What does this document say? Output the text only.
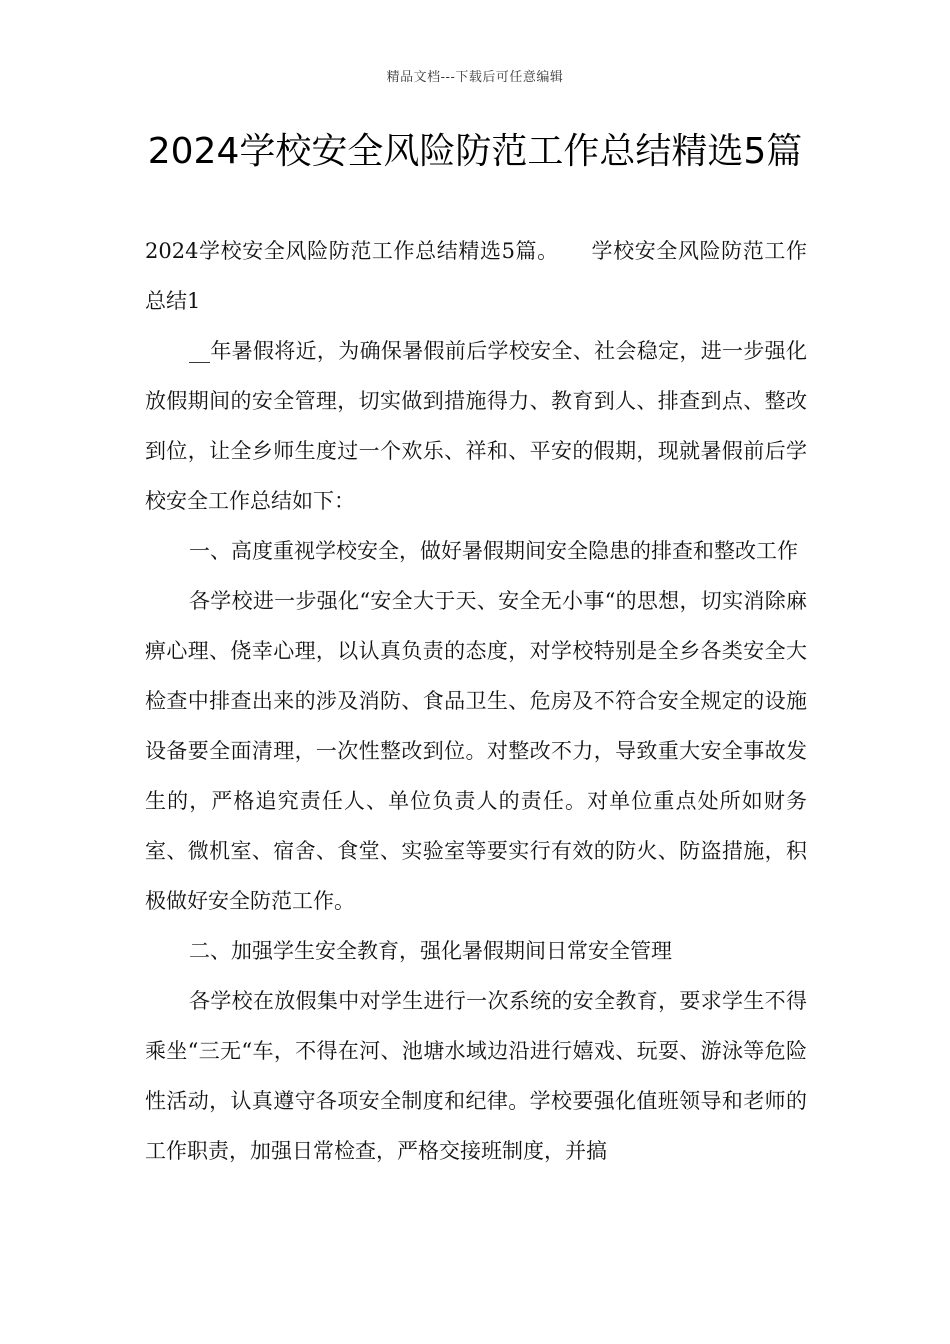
精品文档---下载后可任意编辑
2024学校安全风险防范工作总结精选5篇

2024学校安全风险防范工作总结精选5篇。　　学校安全风险防范工作总结1

__年暑假将近，为确保暑假前后学校安全、社会稳定，进一步强化放假期间的安全管理，切实做到措施得力、教育到人、排查到点、整改到位，让全乡师生度过一个欢乐、祥和、平安的假期，现就暑假前后学校安全工作总结如下：

一、高度重视学校安全，做好暑假期间安全隐患的排查和整改工作

各学校进一步强化“安全大于天、安全无小事“的思想，切实消除麻痹心理、侥幸心理，以认真负责的态度，对学校特别是全乡各类安全大检查中排查出来的涉及消防、食品卫生、危房及不符合安全规定的设施设备要全面清理，一次性整改到位。对整改不力，导致重大安全事故发生的，严格追究责任人、单位负责人的责任。对单位重点处所如财务室、微机室、宿舍、食堂、实验室等要实行有效的防火、防盗措施，积极做好安全防范工作。

二、加强学生安全教育，强化暑假期间日常安全管理

各学校在放假集中对学生进行一次系统的安全教育，要求学生不得乘坐“三无“车，不得在河、池塘水域边沿进行嬉戏、玩耍、游泳等危险性活动，认真遵守各项安全制度和纪律。学校要强化值班领导和老师的工作职责，加强日常检查，严格交接班制度，并搞
